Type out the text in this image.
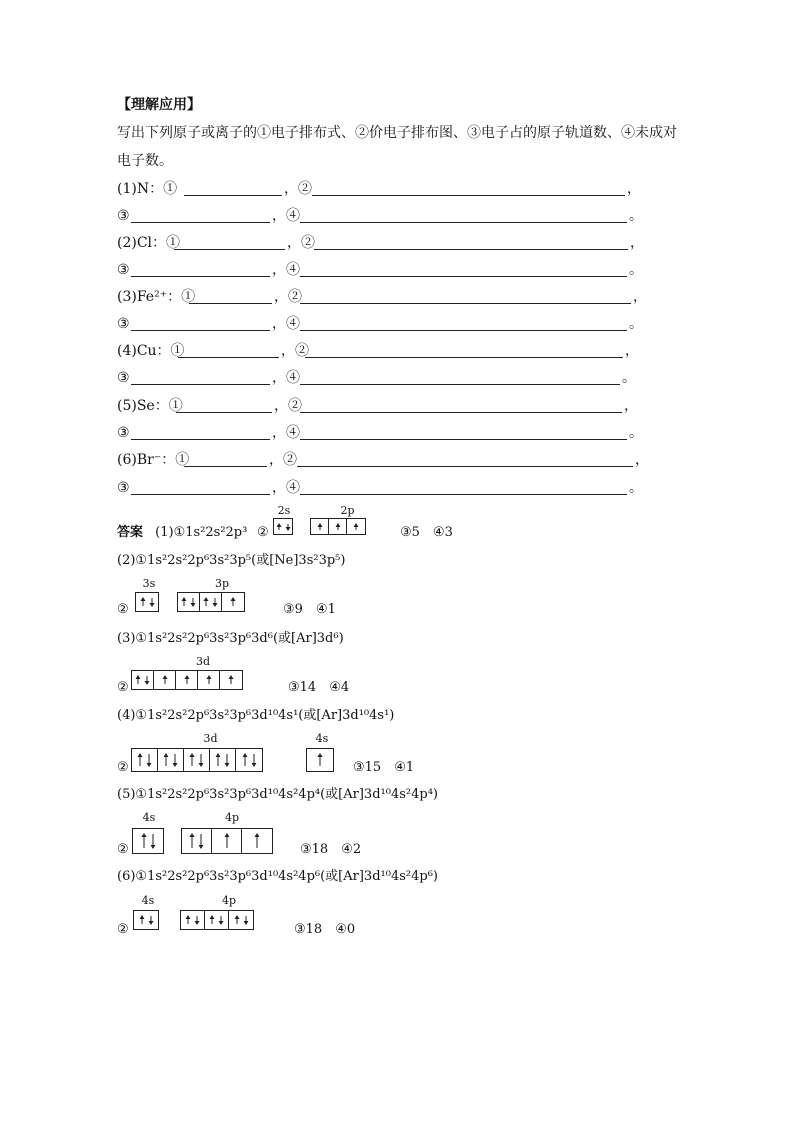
【理解应用】
写出下列原子或离子的①电子排布式、②价电子排布图、③电子占的原子轨道数、④未成对
电子数。
(1)N：①	，②	，
③	，④	。
(2)Cl：①	，②	，
③	，④	。
(3)Fe²⁺：①	，②	，
③	，④	。
(4)Cu：①	，②	，
③	，④	。
(5)Se：①	，②	，
③	，④	。
(6)Br⁻：①	，②	，
③	，④	。
答案 (1)①1s²2s²2p³ ②
2s	2p
③5　④3
(2)①1s²2s²2p⁶3s²3p⁵(或[Ne]3s²3p⁵)
3s	3p
②	③9　④1
(3)①1s²2s²2p⁶3s²3p⁶3d⁶(或[Ar]3d⁶)
3d
②	③14　④4
(4)①1s²2s²2p⁶3s²3p⁶3d¹⁰4s¹(或[Ar]3d¹⁰4s¹)
3d	4s
②	③15　④1
(5)①1s²2s²2p⁶3s²3p⁶3d¹⁰4s²4p⁴(或[Ar]3d¹⁰4s²4p⁴)
4s	4p
②	③18　④2
(6)①1s²2s²2p⁶3s²3p⁶3d¹⁰4s²4p⁶(或[Ar]3d¹⁰4s²4p⁶)
4s	4p
②	③18　④0
